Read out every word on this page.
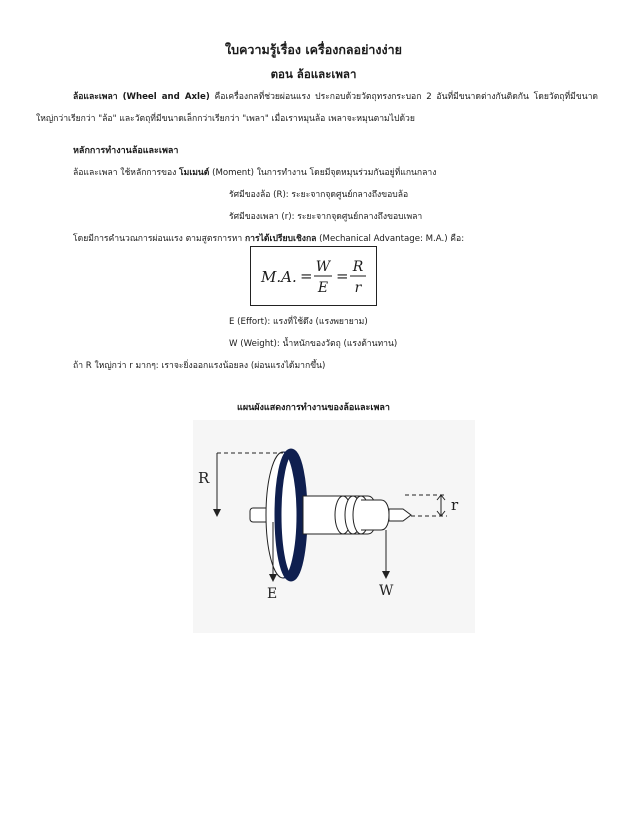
ใบความรู้เรื่อง เครื่องกลอย่างง่าย
ตอน ล้อและเพลา
ล้อและเพลา (Wheel and Axle) คือเครื่องกลที่ช่วยผ่อนแรง ประกอบด้วยวัตถุทรงกระบอก 2 อันที่มีขนาดต่างกันติดกัน โดยวัตถุที่มีขนาดใหญ่กว่าเรียกว่า "ล้อ" และวัตถุที่มีขนาดเล็กกว่าเรียกว่า "เพลา" เมื่อเราหมุนล้อ เพลาจะหมุนตามไปด้วย
หลักการทำงานล้อและเพลา
ล้อและเพลา ใช้หลักการของ โมเมนต์ (Moment) ในการทำงาน โดยมีจุดหมุนร่วมกันอยู่ที่แกนกลาง
รัศมีของล้อ (R): ระยะจากจุดศูนย์กลางถึงขอบล้อ
รัศมีของเพลา (r): ระยะจากจุดศูนย์กลางถึงขอบเพลา
โดยมีการคำนวณการผ่อนแรง ตามสูตรการหา การได้เปรียบเชิงกล (Mechanical Advantage: M.A.) คือ:
M.A. = W
E
= R
r
E (Effort): แรงที่ใช้ดึง (แรงพยายาม)
W (Weight): น้ำหนักของวัตถุ (แรงต้านทาน)
ถ้า R ใหญ่กว่า r มากๆ: เราจะยิ่งออกแรงน้อยลง (ผ่อนแรงได้มากขึ้น)
แผนผังแสดงการทำงานของล้อและเพลา
R
E	W
r
